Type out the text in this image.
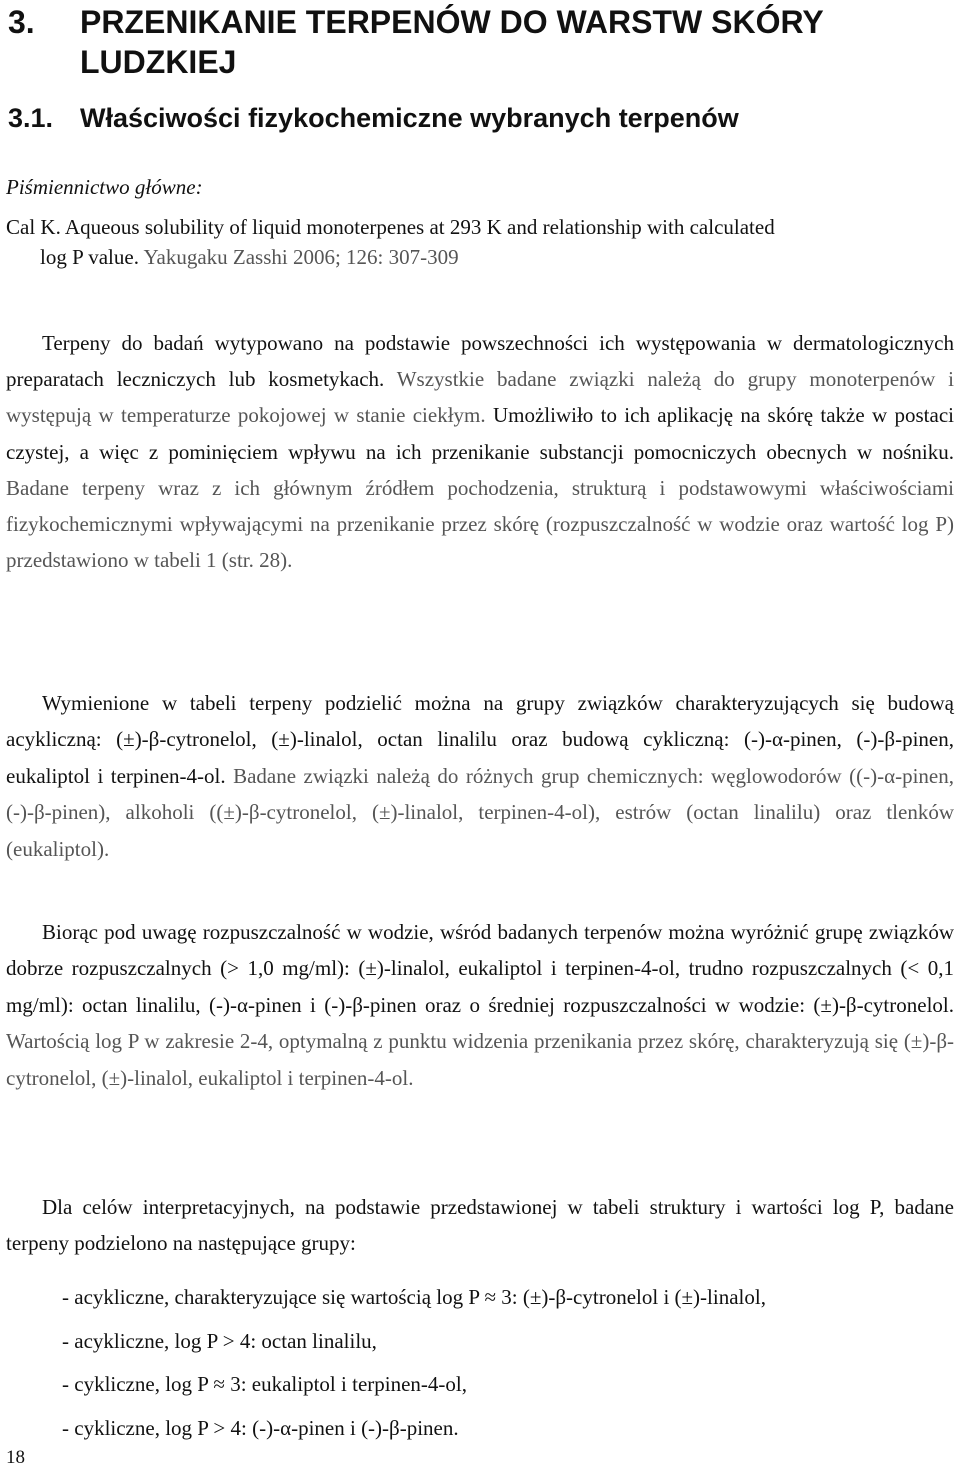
3.	PRZENIKANIE TERPENÓW DO WARSTW SKÓRY LUDZKIEJ
3.1. Właściwości fizykochemiczne wybranych terpenów
Piśmiennictwo główne:

Cal K. Aqueous solubility of liquid monoterpenes at 293 K and relationship with calculated

log P value. Yakugaku Zasshi 2006; 126: 307-309

Terpeny do badań wytypowano na podstawie powszechności ich występowania w dermatologicznych preparatach leczniczych lub kosmetykach. Wszystkie badane związki należą do grupy monoterpenów i występują w temperaturze pokojowej w stanie ciekłym. Umożliwiło to ich aplikację na skórę także w postaci czystej, a więc z pominięciem wpływu na ich przenikanie substancji pomocniczych obecnych w nośniku. Badane terpeny wraz z ich głównym źródłem pochodzenia, strukturą i podstawowymi właściwościami fizykochemicznymi wpływającymi na przenikanie przez skórę (rozpuszczalność w wodzie oraz wartość log P) przedstawiono w tabeli 1 (str. 28).

Wymienione w tabeli terpeny podzielić można na grupy związków charakteryzujących się budową acykliczną: (±)-β-cytronelol, (±)-linalol, octan linalilu oraz budową cykliczną: (-)-α-pinen, (-)-β-pinen, eukaliptol i terpinen-4-ol. Badane związki należą do różnych grup chemicznych: węglowodorów ((-)-α-pinen, (-)-β-pinen), alkoholi ((±)-β-cytronelol, (±)-linalol, terpinen-4-ol), estrów (octan linalilu) oraz tlenków (eukaliptol).

Biorąc pod uwagę rozpuszczalność w wodzie, wśród badanych terpenów można wyróżnić grupę związków dobrze rozpuszczalnych (> 1,0 mg/ml): (±)-linalol, eukaliptol i terpinen-4-ol, trudno rozpuszczalnych (< 0,1 mg/ml): octan linalilu, (-)-α-pinen i (-)-β-pinen oraz o średniej rozpuszczalności w wodzie: (±)-β-cytronelol. Wartością log P w zakresie 2-4, optymalną z punktu widzenia przenikania przez skórę, charakteryzują się (±)-β-cytronelol, (±)-linalol, eukaliptol i terpinen-4-ol.

Dla celów interpretacyjnych, na podstawie przedstawionej w tabeli struktury i wartości log P, badane terpeny podzielono na następujące grupy:

- acykliczne, charakteryzujące się wartością log P ≈ 3: (±)-β-cytronelol i (±)-linalol,
- acykliczne, log P > 4: octan linalilu,
- cykliczne, log P ≈ 3: eukaliptol i terpinen-4-ol,
- cykliczne, log P > 4: (-)-α-pinen i (-)-β-pinen.
18
